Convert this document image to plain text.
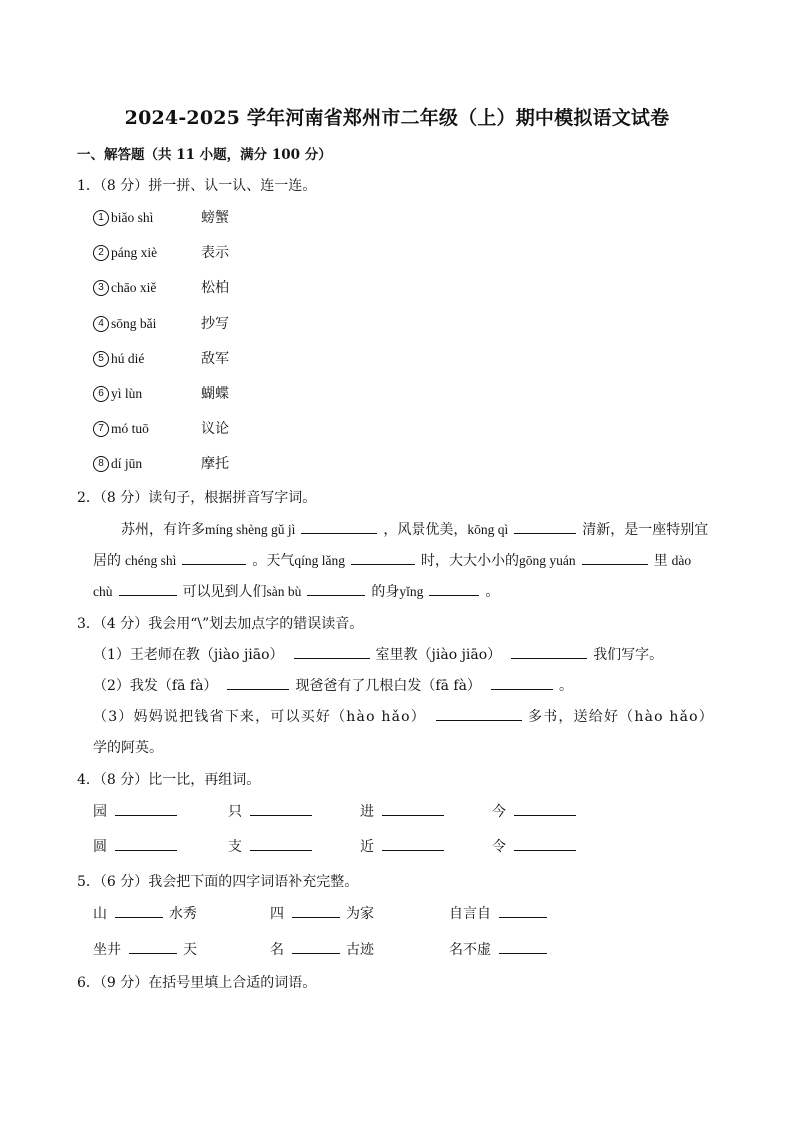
2024-2025 学年河南省郑州市二年级（上）期中模拟语文试卷
一、解答题（共 11 小题，满分 100 分）
1．（8 分）拼一拼、认一认、连一连。
1 biǎo shì	螃蟹
2 páng xiè	表示
3 chāo xiě	松柏
4 sōng bǎi	抄写
5 hú dié	敌军
6 yì lùn	蝴蝶
7 mó tuō	议论
8 dí jūn	摩托
2．（8 分）读句子，根据拼音写字词。
苏州，有许多míng shèng gǔ jì	，风景优美，kōng qì	清新，是一座特别宜
居的 chéng shì	。天气qíng lǎng	时，大大小小的gōng yuán	里 dào
chù	可以见到人们sàn bù	的身yǐng	。
3．（4 分）我会用“\”划去加点字的错误读音。
（1）王老师在教（jiào jiāo）	室里教（jiào jiāo）	我们写字。
（2）我发（fā fà）	现爸爸有了几根白发（fā fà）	。
（3）妈妈说把钱省下来，可以买好（hào hǎo）	多书，送给好（hào hǎo）
学的阿英。
4．（8 分）比一比，再组词。
园	只	进	今
圆	支	近	令
5．（6 分）我会把下面的四字词语补充完整。
山	水秀	四	为家	自言自
坐井	天	名	古迹	名不虚
6．（9 分）在括号里填上合适的词语。
